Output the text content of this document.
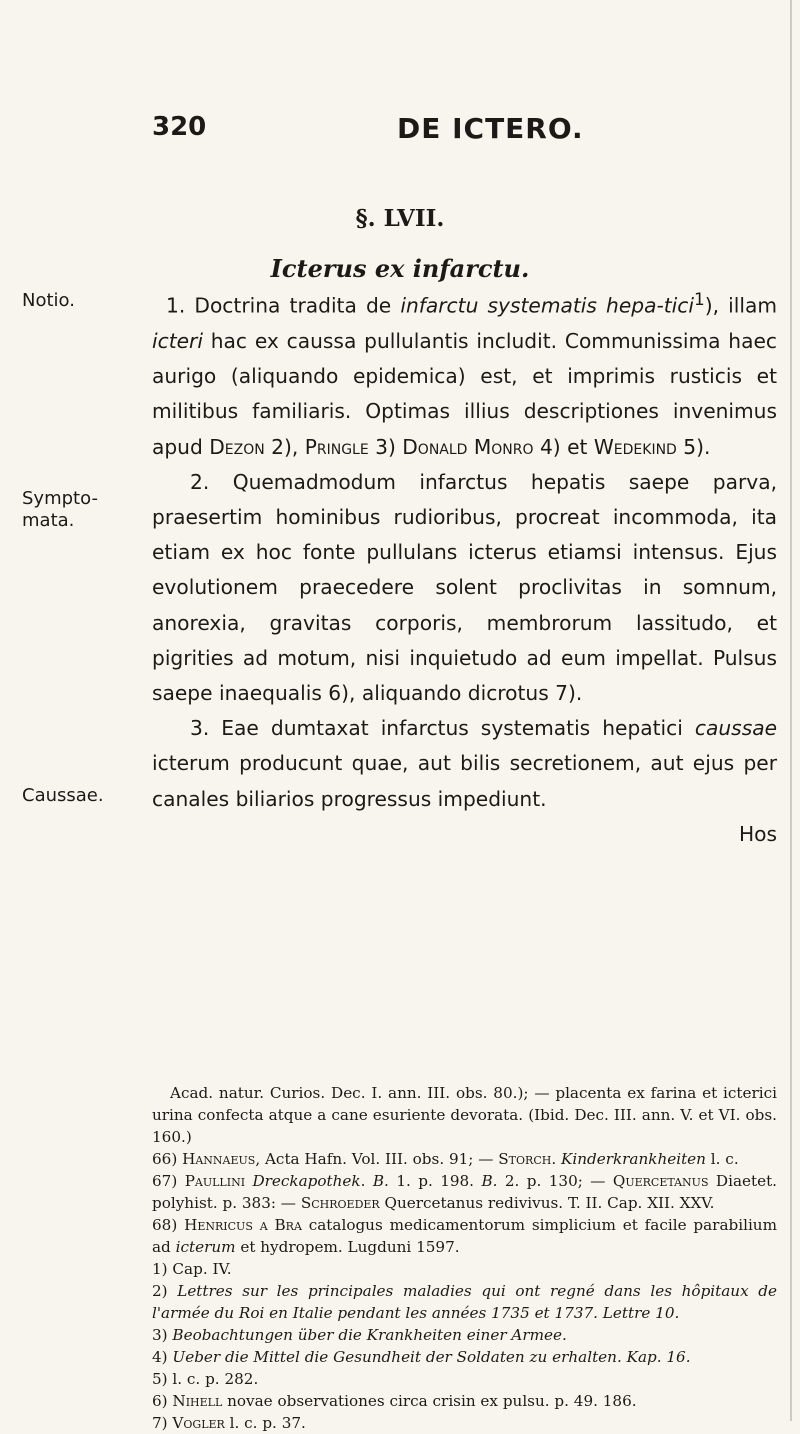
320	DE ICTERO.
§. LVII.
Icterus ex infarctu.
Notio.
Sympto-
mata.
Caussae.

1. Doctrina tradita de infarctu systematis hepa-tici$^1$), illam icteri hac ex caussa pullulantis includit. Communissima haec aurigo (aliquando epidemica) est, et imprimis rusticis et militibus familiaris. Optimas illius descriptiones invenimus apud Dezon 2), Pringle 3) Donald Monro 4) et Wedekind 5).

2. Quemadmodum infarctus hepatis saepe parva, praesertim hominibus rudioribus, procreat incommoda, ita etiam ex hoc fonte pullulans icterus etiamsi intensus. Ejus evolutionem praecedere solent proclivitas in somnum, anorexia, gravitas corporis, membrorum lassitudo, et pigrities ad motum, nisi inquietudo ad eum impellat. Pulsus saepe inaequalis 6), aliquando dicrotus 7).

3. Eae dumtaxat infarctus systematis hepatici caussae icterum producunt quae, aut bilis secretionem, aut ejus per canales biliarios progressus impediunt.

Hos

Acad. natur. Curios. Dec. I. ann. III. obs. 80.); — placenta ex farina et icterici urina confecta atque a cane esuriente devorata. (Ibid. Dec. III. ann. V. et VI. obs. 160.)
66) Hannaeus, Acta Hafn. Vol. III. obs. 91; — Storch. Kinderkrankheiten l. c.
67) Paullini Dreckapothek. B. 1. p. 198. B. 2. p. 130; — Quercetanus Diaetet. polyhist. p. 383: — Schroeder Quercetanus redivivus. T. II. Cap. XII. XXV.
68) Henricus a Bra catalogus medicamentorum simplicium et facile parabilium ad icterum et hydropem. Lugduni 1597.
1) Cap. IV.
2) Lettres sur les principales maladies qui ont regné dans les hôpitaux de l'armée du Roi en Italie pendant les années 1735 et 1737. Lettre 10.
3) Beobachtungen über die Krankheiten einer Armee.
4) Ueber die Mittel die Gesundheit der Soldaten zu erhalten. Kap. 16.
5) l. c. p. 282.
6) Nihell novae observationes circa crisin ex pulsu. p. 49. 186.
7) Vogler l. c. p. 37.
